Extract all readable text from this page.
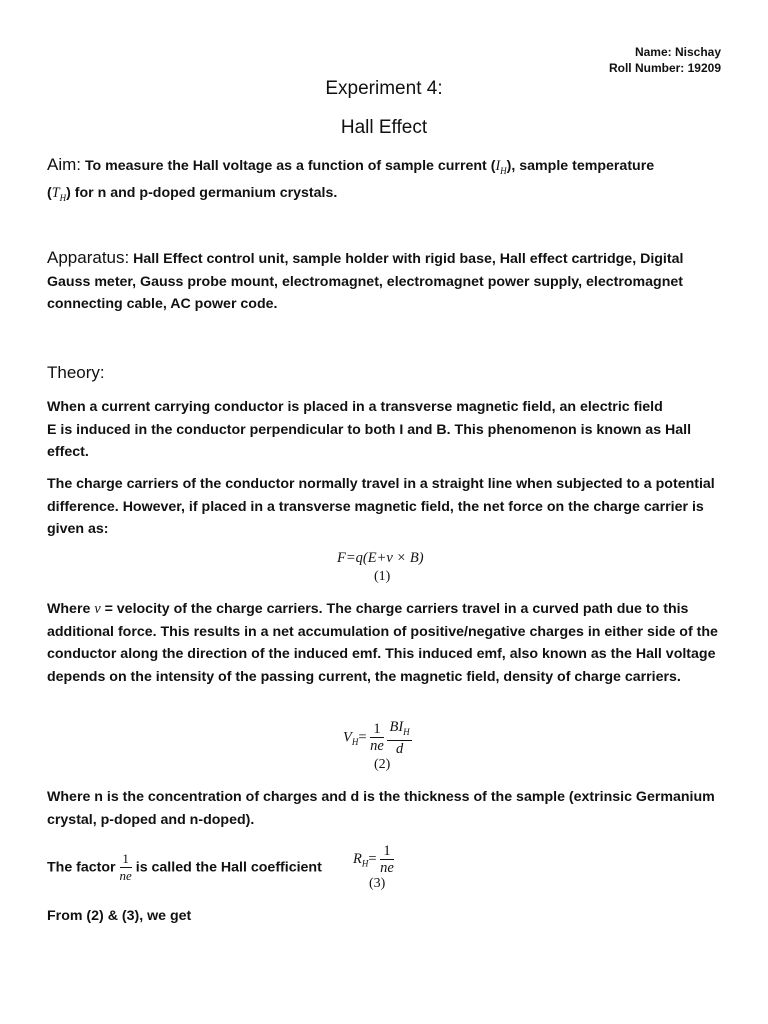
Name: Nischay
Roll Number: 19209
Experiment 4:
Hall Effect
Aim: To measure the Hall voltage as a function of sample current $(I_H)$, sample temperature
$(T_H)$ for n and p-doped germanium crystals.
Apparatus: Hall Effect control unit, sample holder with rigid base, Hall effect cartridge, Digital Gauss meter, Gauss probe mount, electromagnet, electromagnet power supply, electromagnet connecting cable, AC power code.
Theory:
When a current carrying conductor is placed in a transverse magnetic field, an electric field
E is induced in the conductor perpendicular to both I and B. This phenomenon is known as Hall effect.
The charge carriers of the conductor normally travel in a straight line when subjected to a potential difference. However, if placed in a transverse magnetic field, the net force on the charge carrier is given as:
F=q(E+v × B)
(1)
Where v = velocity of the charge carriers. The charge carriers travel in a curved path due to this additional force. This results in a net accumulation of positive/negative charges in either side of the conductor along the direction of the induced emf. This induced emf, also known as the Hall voltage depends on the intensity of the passing current, the magnetic field, density of charge carriers.
$V_H= \frac{1}{ne}$
$\frac{BI_H}{d}$
(2)
Where n is the concentration of charges and d is the thickness of the sample (extrinsic Germanium crystal, p-doped and n-doped).
The factor $\frac{1}{ne}$ is called the Hall coefficient
$R_H= \frac{1}{ne}$
(3)
From (2) & (3), we get
